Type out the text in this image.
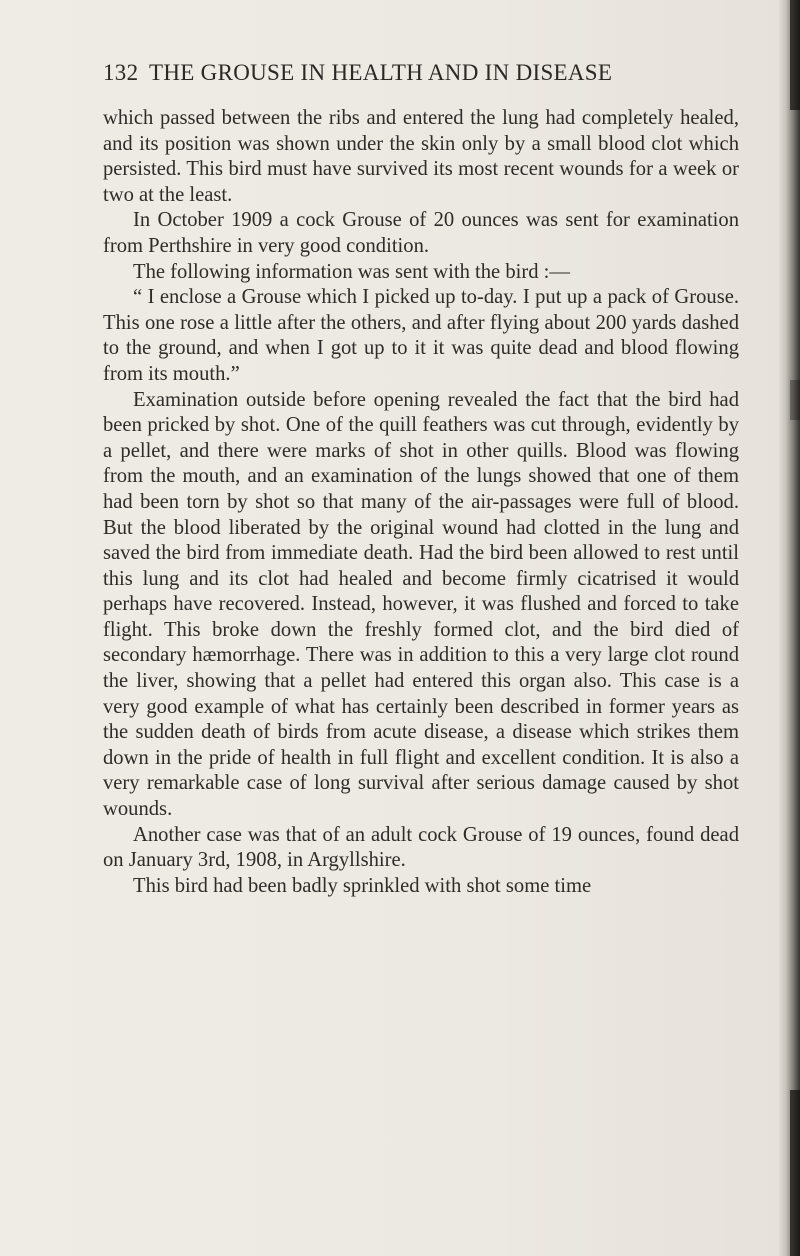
132 THE GROUSE IN HEALTH AND IN DISEASE

which passed between the ribs and entered the lung had completely healed, and its position was shown under the skin only by a small blood clot which persisted. This bird must have survived its most recent wounds for a week or two at the least.

In October 1909 a cock Grouse of 20 ounces was sent for examination from Perthshire in very good condition.

The following information was sent with the bird :—

“ I enclose a Grouse which I picked up to-day. I put up a pack of Grouse. This one rose a little after the others, and after flying about 200 yards dashed to the ground, and when I got up to it it was quite dead and blood flowing from its mouth.”

Examination outside before opening revealed the fact that the bird had been pricked by shot. One of the quill feathers was cut through, evidently by a pellet, and there were marks of shot in other quills. Blood was flowing from the mouth, and an examination of the lungs showed that one of them had been torn by shot so that many of the air-passages were full of blood. But the blood liberated by the original wound had clotted in the lung and saved the bird from immediate death. Had the bird been allowed to rest until this lung and its clot had healed and become firmly cicatrised it would perhaps have recovered. Instead, however, it was flushed and forced to take flight. This broke down the freshly formed clot, and the bird died of secondary hæmorrhage. There was in addition to this a very large clot round the liver, showing that a pellet had entered this organ also. This case is a very good example of what has certainly been described in former years as the sudden death of birds from acute disease, a disease which strikes them down in the pride of health in full flight and excellent condition. It is also a very remarkable case of long survival after serious damage caused by shot wounds.

Another case was that of an adult cock Grouse of 19 ounces, found dead on January 3rd, 1908, in Argyllshire.

This bird had been badly sprinkled with shot some time
